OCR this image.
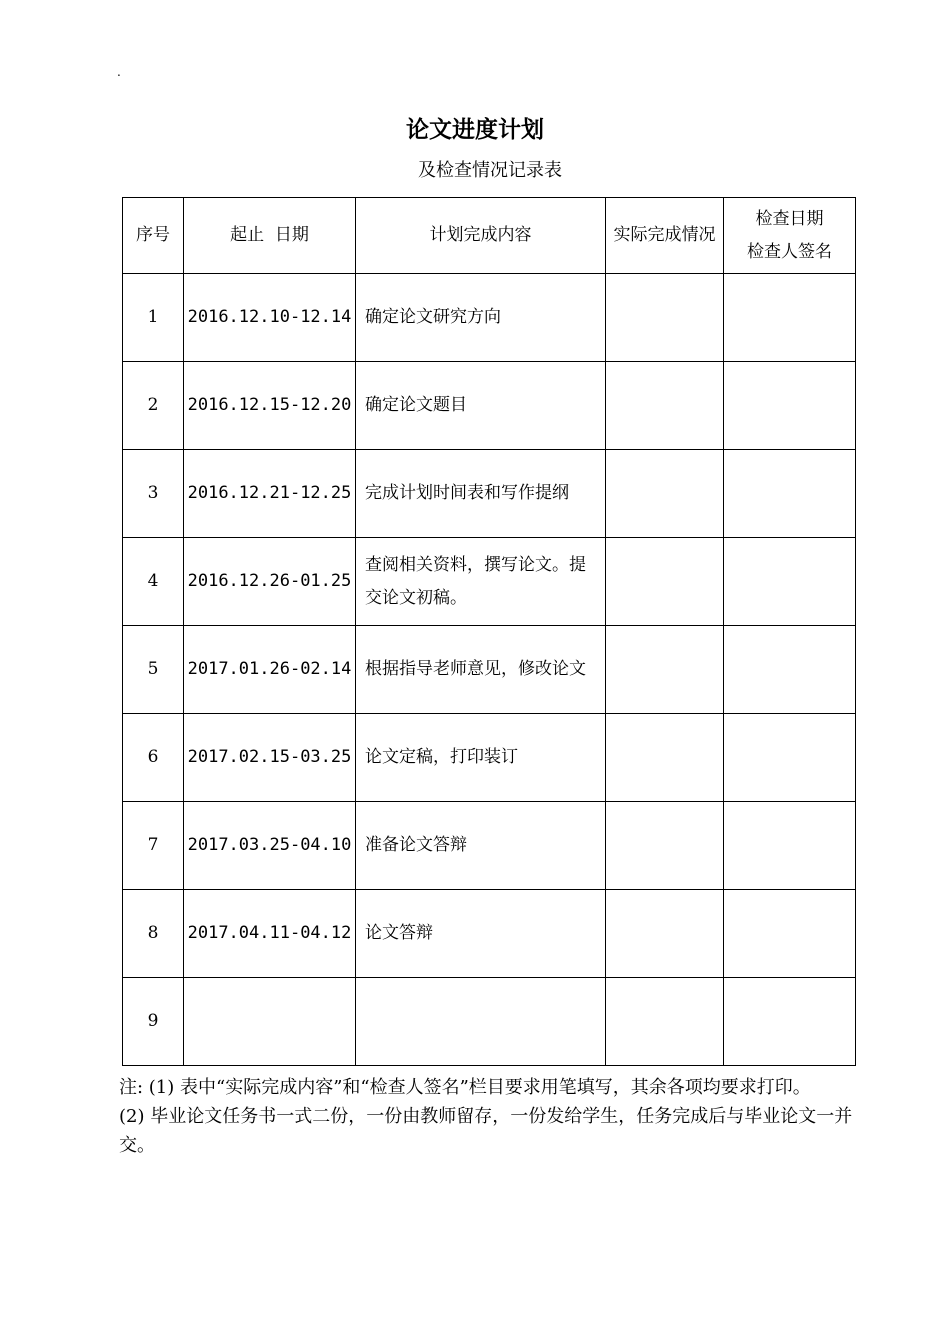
.
论文进度计划
及检查情况记录表
序号	起止  日期	计划完成内容	实际完成情况	检查日期
检查人签名

1	2016.12.10-12.14	确定论文研究方向		
2	2016.12.15-12.20	确定论文题目		
3	2016.12.21-12.25	完成计划时间表和写作提纲		
4	2016.12.26-01.25	查阅相关资料，撰写论文。提交论文初稿。		
5	2017.01.26-02.14	根据指导老师意见，修改论文		
6	2017.02.15-03.25	论文定稿，打印装订		
7	2017.03.25-04.10	准备论文答辩		
8	2017.04.11-04.12	论文答辩		
9				

注: (1) 表中“实际完成内容”和“检查人签名”栏目要求用笔填写，其余各项均要求打印。

(2) 毕业论文任务书一式二份，一份由教师留存，一份发给学生，任务完成后与毕业论文一并交。
